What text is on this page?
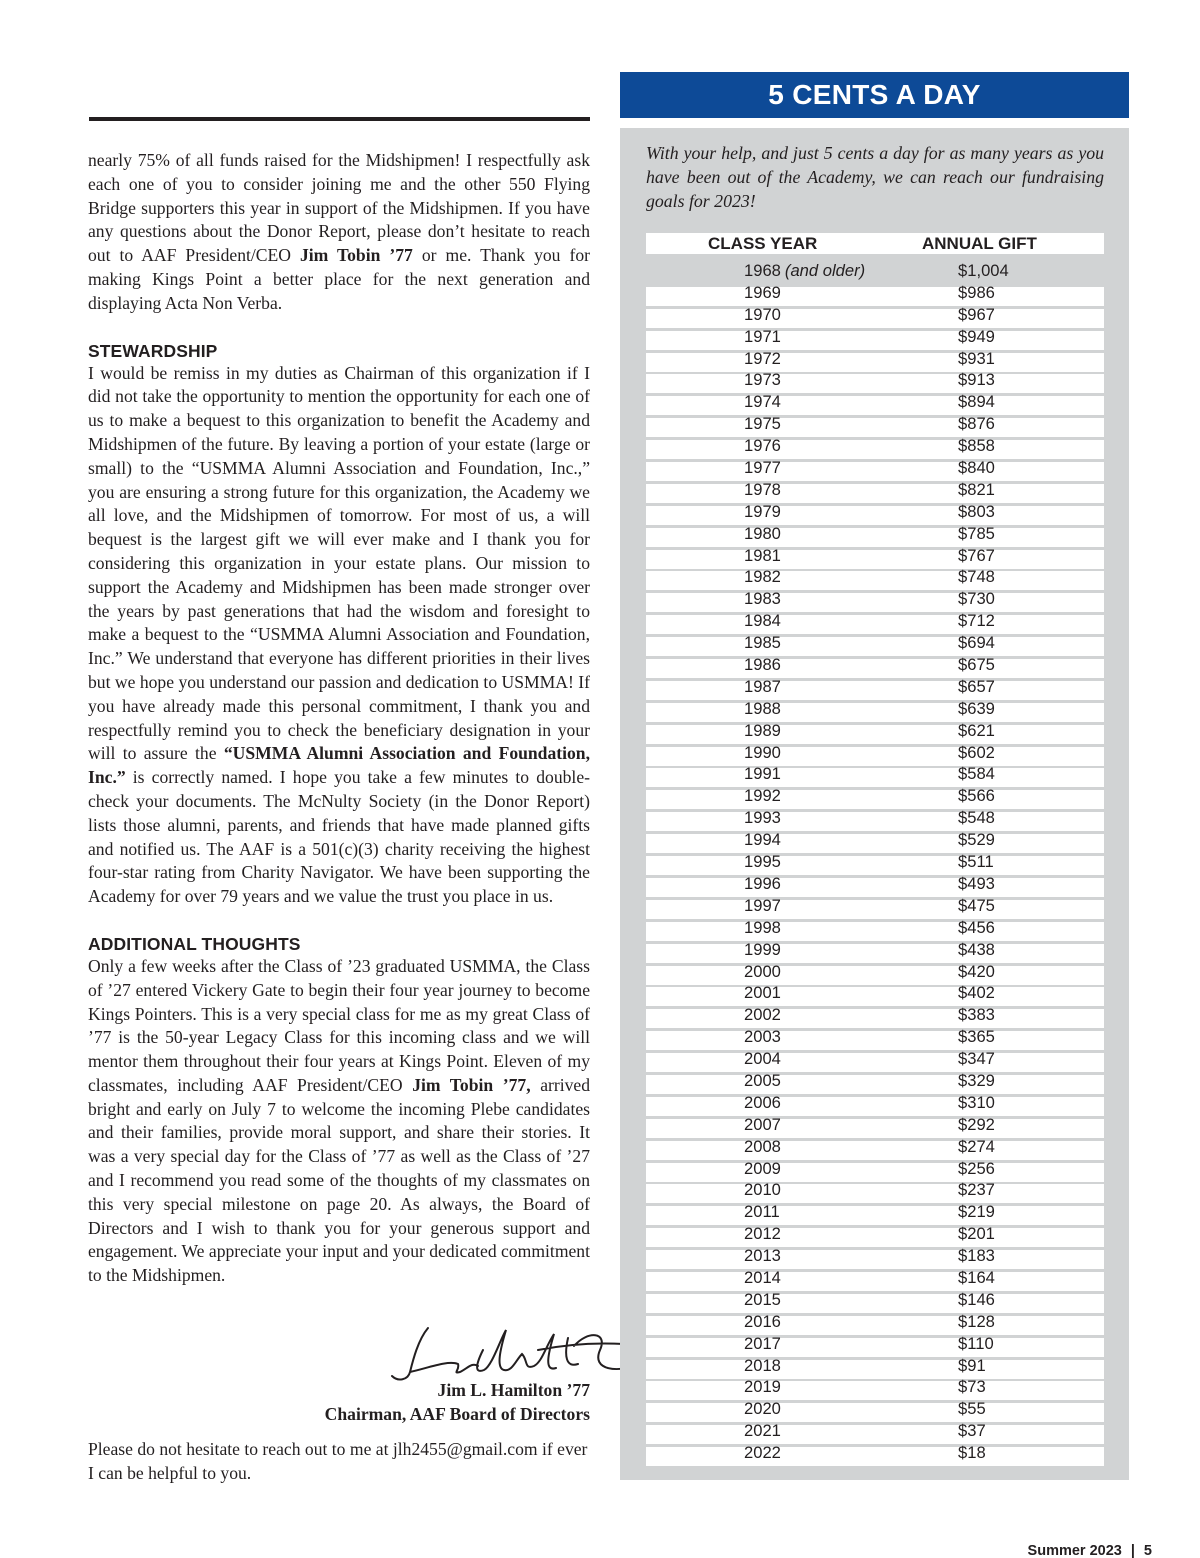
nearly 75% of all funds raised for the Midshipmen! I respectfully ask each one of you to consider joining me and the other 550 Flying Bridge supporters this year in support of the Midshipmen. If you have any questions about the Donor Report, please don’t hesitate to reach out to AAF President/CEO Jim Tobin ’77 or me. Thank you for making Kings Point a better place for the next generation and displaying Acta Non Verba.

STEWARDSHIP

I would be remiss in my duties as Chairman of this organization if I did not take the opportunity to mention the opportunity for each one of us to make a bequest to this organization to benefit the Academy and Midshipmen of the future. By leaving a portion of your estate (large or small) to the “USMMA Alumni Association and Foundation, Inc.,” you are ensuring a strong future for this organization, the Academy we all love, and the Midshipmen of tomorrow. For most of us, a will bequest is the largest gift we will ever make and I thank you for considering this organization in your estate plans. Our mission to support the Academy and Midshipmen has been made stronger over the years by past generations that had the wisdom and foresight to make a bequest to the “USMMA Alumni Association and Foundation, Inc.” We understand that everyone has different priorities in their lives but we hope you understand our passion and dedication to USMMA! If you have already made this personal commitment, I thank you and respectfully remind you to check the beneficiary designation in your will to assure the “USMMA Alumni Association and Foundation, Inc.” is correctly named. I hope you take a few minutes to double-check your documents. The McNulty Society (in the Donor Report) lists those alumni, parents, and friends that have made planned gifts and notified us. The AAF is a 501(c)(3) charity receiving the highest four-star rating from Charity Navigator. We have been supporting the Academy for over 79 years and we value the trust you place in us.

ADDITIONAL THOUGHTS

Only a few weeks after the Class of ’23 graduated USMMA, the Class of ’27 entered Vickery Gate to begin their four year journey to become Kings Pointers. This is a very special class for me as my great Class of ’77 is the 50-year Legacy Class for this incoming class and we will mentor them throughout their four years at Kings Point. Eleven of my classmates, including AAF President/CEO Jim Tobin ’77, arrived bright and early on July 7 to welcome the incoming Plebe candidates and their families, provide moral support, and share their stories. It was a very special day for the Class of ’77 as well as the Class of ’27 and I recommend you read some of the thoughts of my classmates on this very special milestone on page 20. As always, the Board of Directors and I wish to thank you for your generous support and engagement. We appreciate your input and your dedicated commitment to the Midshipmen.

Jim L. Hamilton ’77
Chairman, AAF Board of Directors

Please do not hesitate to reach out to me at jlh2455@gmail.com if ever I can be helpful to you.

5 CENTS A DAY

With your help, and just 5 cents a day for as many years as you have been out of the Academy, we can reach our fundraising goals for 2023!

CLASS YEAR	ANNUAL GIFT
1968 (and older)	$1,004
1969	$986
1970	$967
1971	$949
1972	$931
1973	$913
1974	$894
1975	$876
1976	$858
1977	$840
1978	$821
1979	$803
1980	$785
1981	$767
1982	$748
1983	$730
1984	$712
1985	$694
1986	$675
1987	$657
1988	$639
1989	$621
1990	$602
1991	$584
1992	$566
1993	$548
1994	$529
1995	$511
1996	$493
1997	$475
1998	$456
1999	$438
2000	$420
2001	$402
2002	$383
2003	$365
2004	$347
2005	$329
2006	$310
2007	$292
2008	$274
2009	$256
2010	$237
2011	$219
2012	$201
2013	$183
2014	$164
2015	$146
2016	$128
2017	$110
2018	$91
2019	$73
2020	$55
2021	$37
2022	$18
Summer 2023 | 5
